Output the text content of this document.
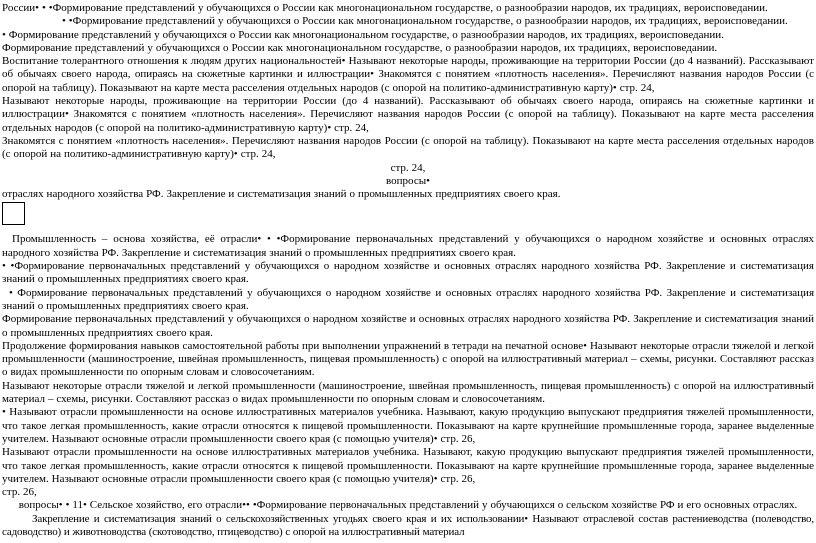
России• • •Формирование представлений у обучающихся о России как многонациональном государстве, о разнообразии народов, их традициях, вероисповедании.

• •Формирование представлений у обучающихся о России как многонациональном государстве, о разнообразии народов, их традициях, вероисповедании.

• Формирование представлений у обучающихся о России как многонациональном государстве, о разнообразии народов, их традициях, вероисповедании.

Формирование представлений у обучающихся о России как многонациональном государстве, о разнообразии народов, их традициях, вероисповедании.

Воспитание толерантного отношения к людям других национальностей• Называют некоторые народы, проживающие на территории России (до 4 названий). Рассказывают об обычаях своего народа, опираясь на сюжетные картинки и иллюстрации• Знакомятся с понятием «плотность населения». Перечисляют названия народов России (с опорой на таблицу). Показывают на карте места расселения отдельных народов (с опорой на политико-административную карту)• стр. 24,

Называют некоторые народы, проживающие на территории России (до 4 названий). Рассказывают об обычаях своего народа, опираясь на сюжетные картинки и иллюстрации• Знакомятся с понятием «плотность населения». Перечисляют названия народов России (с опорой на таблицу). Показывают на карте места расселения отдельных народов (с опорой на политико-административную карту)• стр. 24,

Знакомятся с понятием «плотность населения». Перечисляют названия народов России (с опорой на таблицу). Показывают на карте места расселения отдельных народов (с опорой на политико-административную карту)• стр. 24,

стр. 24,

вопросы•

отраслях народного хозяйства РФ. Закрепление и систематизация знаний о промышленных предприятиях своего края.

Промышленность – основа хозяйства, её отрасли• • •Формирование первоначальных представлений у обучающихся о народном хозяйстве и основных отраслях народного хозяйства РФ. Закрепление и систематизация знаний о промышленных предприятиях своего края.

• •Формирование первоначальных представлений у обучающихся о народном хозяйстве и основных отраслях народного хозяйства РФ. Закрепление и систематизация знаний о промышленных предприятиях своего края.

• Формирование первоначальных представлений у обучающихся о народном хозяйстве и основных отраслях народного хозяйства РФ. Закрепление и систематизация знаний о промышленных предприятиях своего края.

Формирование первоначальных представлений у обучающихся о народном хозяйстве и основных отраслях народного хозяйства РФ. Закрепление и систематизация знаний о промышленных предприятиях своего края.

Продолжение формирования навыков самостоятельной работы при выполнении упражнений в тетради на печатной основе• Называют некоторые отрасли тяжелой и легкой промышленности (машиностроение, швейная промышленность, пищевая промышленность) с опорой на иллюстративный материал – схемы, рисунки. Составляют рассказ о видах промышленности по опорным словам и словосочетаниям.

Называют некоторые отрасли тяжелой и легкой промышленности (машиностроение, швейная промышленность, пищевая промышленность) с опорой на иллюстративный материал – схемы, рисунки. Составляют рассказ о видах промышленности по опорным словам и словосочетаниям.

• Называют отрасли промышленности на основе иллюстративных материалов учебника. Называют, какую продукцию выпускают предприятия тяжелей промышленности, что такое легкая промышленность, какие отрасли относятся к пищевой промышленности. Показывают на карте крупнейшие промышленные города, заранее выделенные учителем. Называют основные отрасли промышленности своего края (с помощью учителя)• стр. 26,

Называют отрасли промышленности на основе иллюстративных материалов учебника. Называют, какую продукцию выпускают предприятия тяжелей промышленности, что такое легкая промышленность, какие отрасли относятся к пищевой промышленности. Показывают на карте крупнейшие промышленные города, заранее выделенные учителем. Называют основные отрасли промышленности своего края (с помощью учителя)• стр. 26,

стр. 26,

вопросы• • 11• Сельское хозяйство, его отрасли•• •Формирование первоначальных представлений у обучающихся о сельском хозяйстве РФ и его основных отраслях.

Закрепление и систематизация знаний о сельскохозяйственных угодьях своего края и их использовании• Называют отраслевой состав растениеводства (полеводство, садоводство) и животноводства (скотоводство, птицеводство) с опорой на иллюстративный материал
